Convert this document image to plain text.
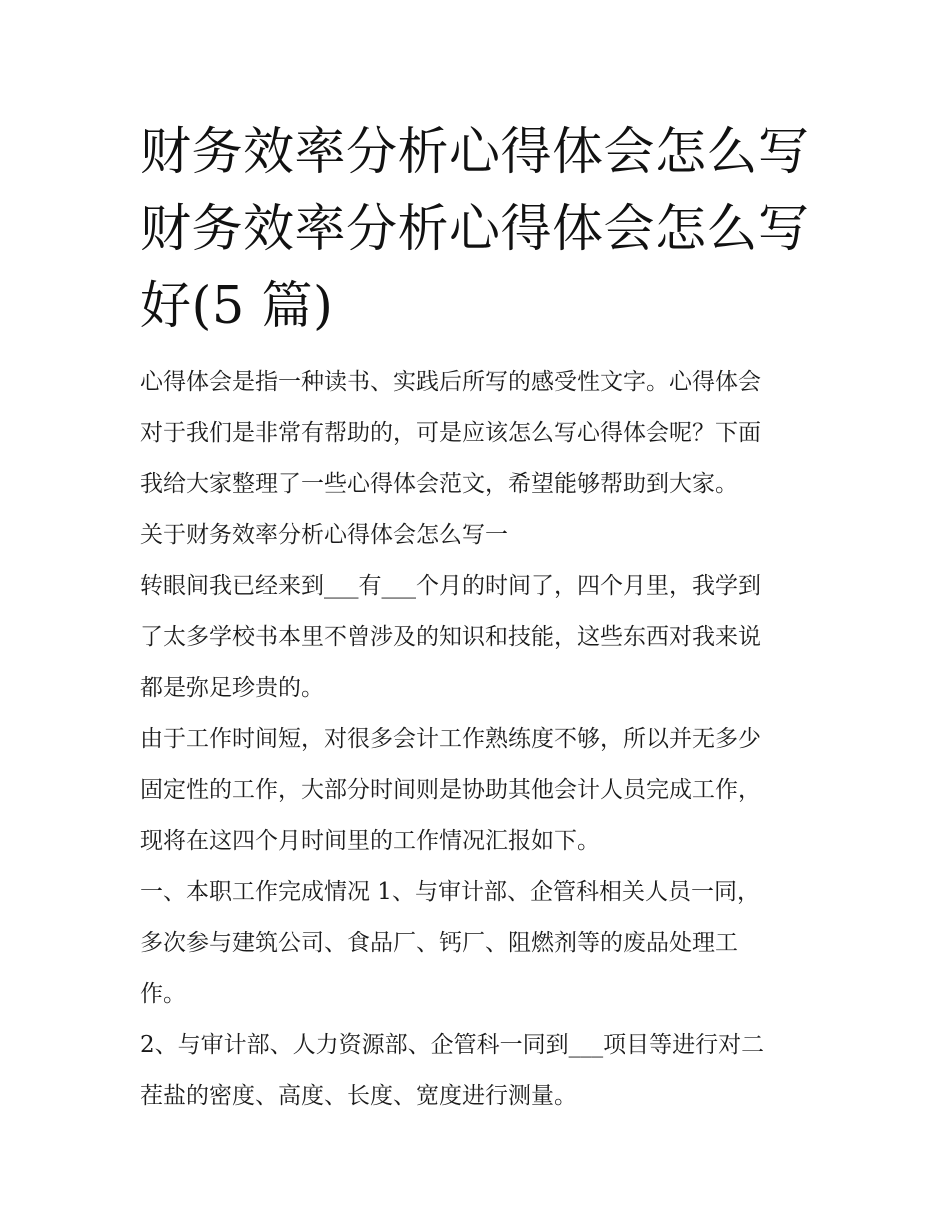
财务效率分析心得体会怎么写
财务效率分析心得体会怎么写
好(5 篇)

心得体会是指一种读书、实践后所写的感受性文字。心得体会
对于我们是非常有帮助的，可是应该怎么写心得体会呢？下面
我给大家整理了一些心得体会范文，希望能够帮助到大家。

关于财务效率分析心得体会怎么写一

转眼间我已经来到___有___个月的时间了，四个月里，我学到
了太多学校书本里不曾涉及的知识和技能，这些东西对我来说
都是弥足珍贵的。

由于工作时间短，对很多会计工作熟练度不够，所以并无多少
固定性的工作，大部分时间则是协助其他会计人员完成工作，
现将在这四个月时间里的工作情况汇报如下。

一、本职工作完成情况 1、与审计部、企管科相关人员一同，
多次参与建筑公司、食品厂、钙厂、阻燃剂等的废品处理工
作。

2、与审计部、人力资源部、企管科一同到___项目等进行对二
茬盐的密度、高度、长度、宽度进行测量。
